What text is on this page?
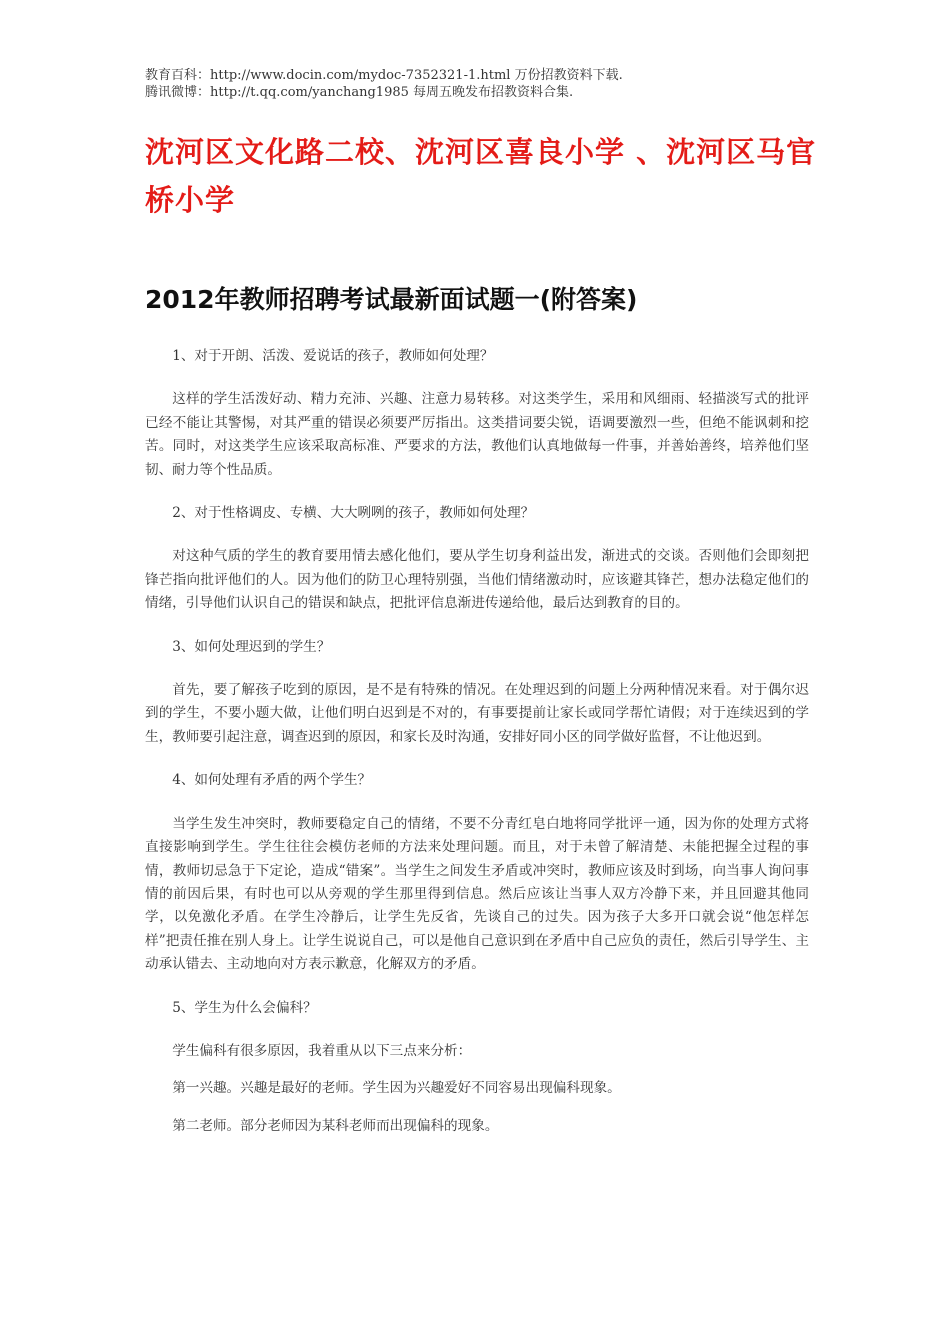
教育百科：http://www.docin.com/mydoc-7352321-1.html 万份招教资料下载.
腾讯微博：http://t.qq.com/yanchang1985 每周五晚发布招教资料合集.
沈河区文化路二校、沈河区喜良小学 、沈河区马官桥小学
2012年教师招聘考试最新面试题一(附答案)

1、对于开朗、活泼、爱说话的孩子，教师如何处理？

这样的学生活泼好动、精力充沛、兴趣、注意力易转移。对这类学生，采用和风细雨、轻描淡写式的批评已经不能让其警惕，对其严重的错误必须要严厉指出。这类措词要尖锐，语调要激烈一些，但绝不能讽刺和挖苦。同时，对这类学生应该采取高标准、严要求的方法，教他们认真地做每一件事，并善始善终，培养他们坚韧、耐力等个性品质。

2、对于性格调皮、专横、大大咧咧的孩子，教师如何处理？

对这种气质的学生的教育要用情去感化他们，要从学生切身利益出发，渐进式的交谈。否则他们会即刻把锋芒指向批评他们的人。因为他们的防卫心理特别强，当他们情绪激动时，应该避其锋芒，想办法稳定他们的情绪，引导他们认识自己的错误和缺点，把批评信息渐进传递给他，最后达到教育的目的。

3、如何处理迟到的学生？

首先，要了解孩子吃到的原因，是不是有特殊的情况。在处理迟到的问题上分两种情况来看。对于偶尔迟到的学生，不要小题大做，让他们明白迟到是不对的，有事要提前让家长或同学帮忙请假；对于连续迟到的学生，教师要引起注意，调查迟到的原因，和家长及时沟通，安排好同小区的同学做好监督，不让他迟到。

4、如何处理有矛盾的两个学生？

当学生发生冲突时，教师要稳定自己的情绪，不要不分青红皂白地将同学批评一通，因为你的处理方式将直接影响到学生。学生往往会模仿老师的方法来处理问题。而且，对于未曾了解清楚、未能把握全过程的事情，教师切忌急于下定论，造成“错案”。当学生之间发生矛盾或冲突时，教师应该及时到场，向当事人询问事情的前因后果，有时也可以从旁观的学生那里得到信息。然后应该让当事人双方冷静下来，并且回避其他同学，以免激化矛盾。在学生冷静后，让学生先反省，先谈自己的过失。因为孩子大多开口就会说“他怎样怎样”把责任推在别人身上。让学生说说自己，可以是他自己意识到在矛盾中自己应负的责任，然后引导学生、主动承认错去、主动地向对方表示歉意，化解双方的矛盾。

5、学生为什么会偏科？

学生偏科有很多原因，我着重从以下三点来分析：

第一兴趣。兴趣是最好的老师。学生因为兴趣爱好不同容易出现偏科现象。

第二老师。部分老师因为某科老师而出现偏科的现象。
